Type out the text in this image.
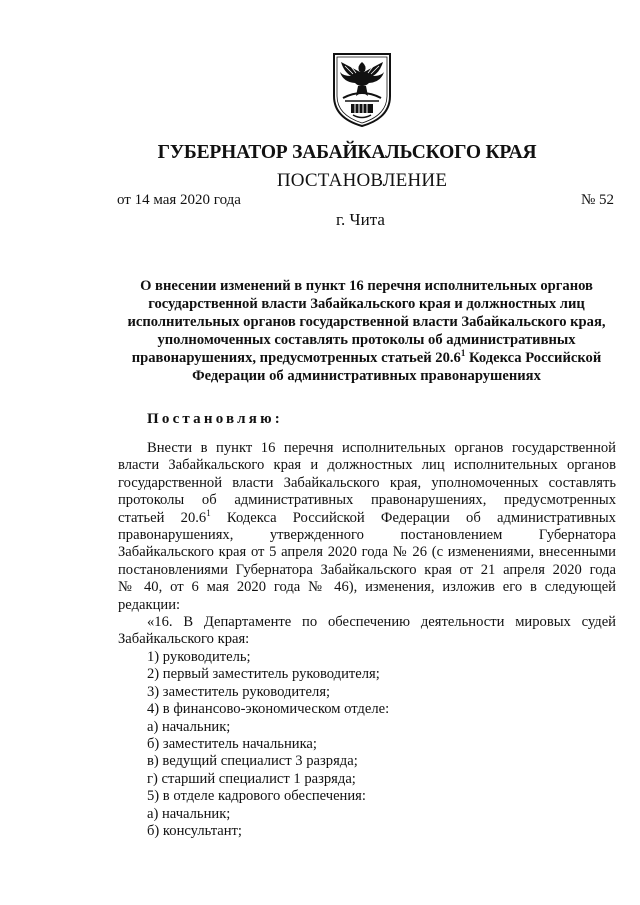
ГУБЕРНАТОР ЗАБАЙКАЛЬСКОГО КРАЯ
ПОСТАНОВЛЕНИЕ
от 14 мая 2020 года	№ 52
г. Чита

О внесении изменений в пункт 16 перечня исполнительных органов

государственной власти Забайкальского края и должностных лиц

исполнительных органов государственной власти Забайкальского края,

уполномоченных составлять протоколы об административных

правонарушениях, предусмотренных статьей 20.6$^1$ Кодекса Российской

Федерации об административных правонарушениях

Постановляю:
Внести в пункт 16 перечня исполнительных органов государственной
власти Забайкальского края и должностных лиц исполнительных органов
государственной власти Забайкальского края, уполномоченных составлять
протоколы об административных правонарушениях, предусмотренных
статьей 20.6$^1$ Кодекса Российской Федерации об административных
правонарушениях, утвержденного постановлением Губернатора
Забайкальского края от 5 апреля 2020 года № 26 (с изменениями, внесенными
постановлениями Губернатора Забайкальского края от 21 апреля 2020 года
№ 40, от 6 мая 2020 года № 46), изменения, изложив его в следующей
редакции:
«16. В Департаменте по обеспечению деятельности мировых судей
Забайкальского края:
1) руководитель;
2) первый заместитель руководителя;
3) заместитель руководителя;
4) в финансово-экономическом отделе:
а) начальник;
б) заместитель начальника;
в) ведущий специалист 3 разряда;
г) старший специалист 1 разряда;
5) в отделе кадрового обеспечения:
а) начальник;
б) консультант;
